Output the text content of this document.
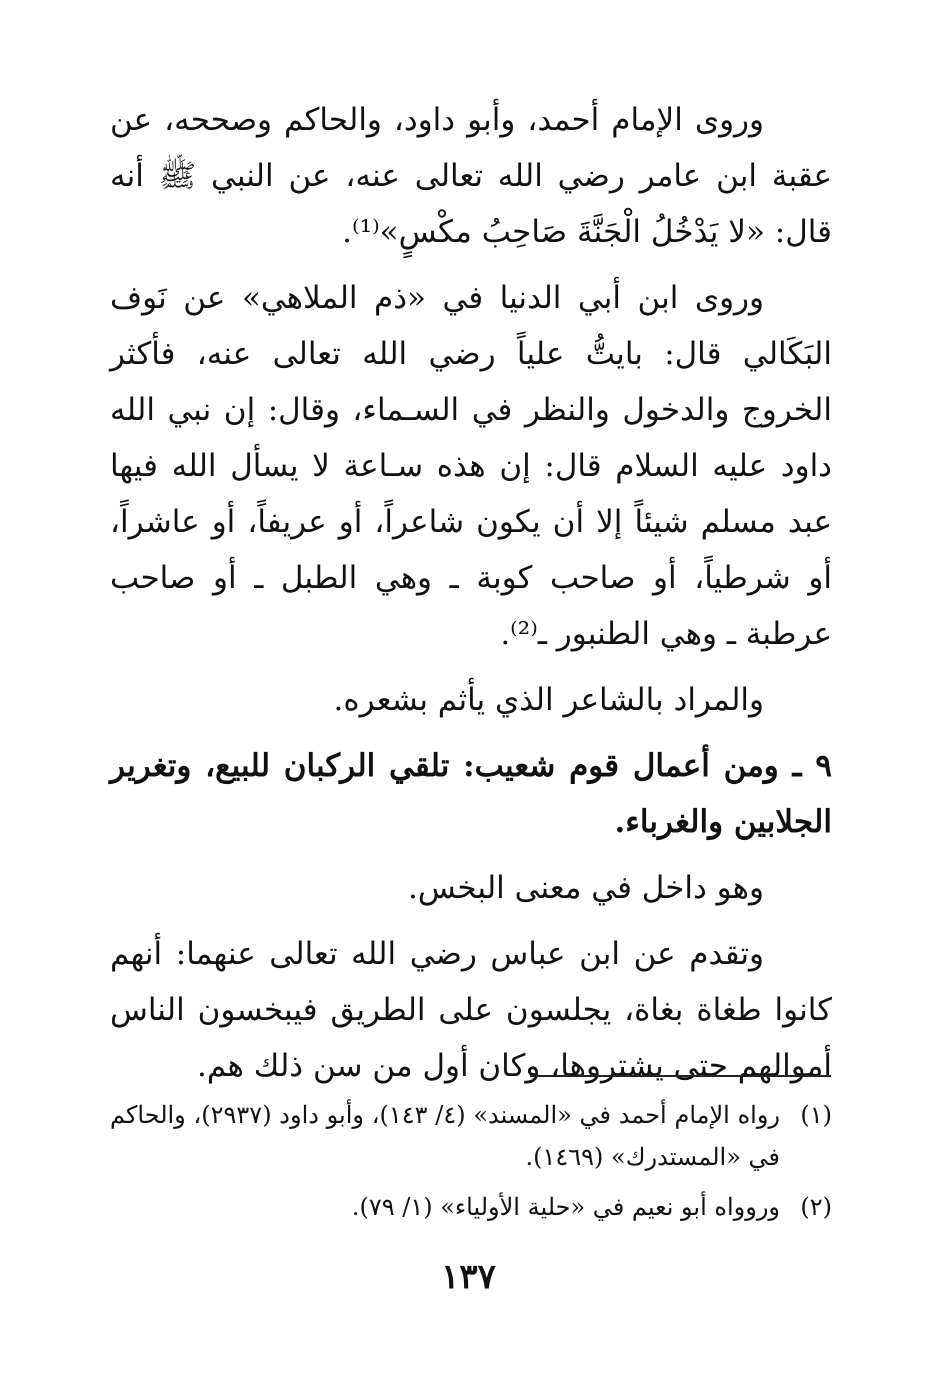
وروى الإمام أحمد، وأبو داود، والحاكم وصححه، عن عقبة ابن عامر رضي الله تعالى عنه، عن النبي ﷺ أنه قال: «لا يَدْخُلُ الْجَنَّةَ صَاحِبُ مكْسٍ»⁽¹⁾.

وروى ابن أبي الدنيا في «ذم الملاهي» عن نَوف البَكَالي قال: بايتُّ علياً رضي الله تعالى عنه، فأكثر الخروج والدخول والنظر في السـماء، وقال: إن نبي الله داود عليه السلام قال: إن هذه سـاعة لا يسأل الله فيها عبد مسلم شيئاً إلا أن يكون شاعراً، أو عريفاً، أو عاشراً، أو شرطياً، أو صاحب كوبة ـ وهي الطبل ـ أو صاحب عرطبة ـ وهي الطنبور ـ⁽²⁾.

والمراد بالشاعر الذي يأثم بشعره.

٩ ـ ومن أعمال قوم شعيب: تلقي الركبان للبيع، وتغرير الجلابين والغرباء.

وهو داخل في معنى البخس.

وتقدم عن ابن عباس رضي الله تعالى عنهما: أنهم كانوا طغاة بغاة، يجلسون على الطريق فيبخسون الناس أموالهم حتى يشتروها، وكان أول من سن ذلك هم.

(١)
رواه الإمام أحمد في «المسند» (٤/ ١٤٣)، وأبو داود (٢٩٣٧)، والحاكم في «المستدرك» (١٤٦٩).
(٢)
وروواه أبو نعيم في «حلية الأولياء» (١/ ٧٩).
١٣٧
